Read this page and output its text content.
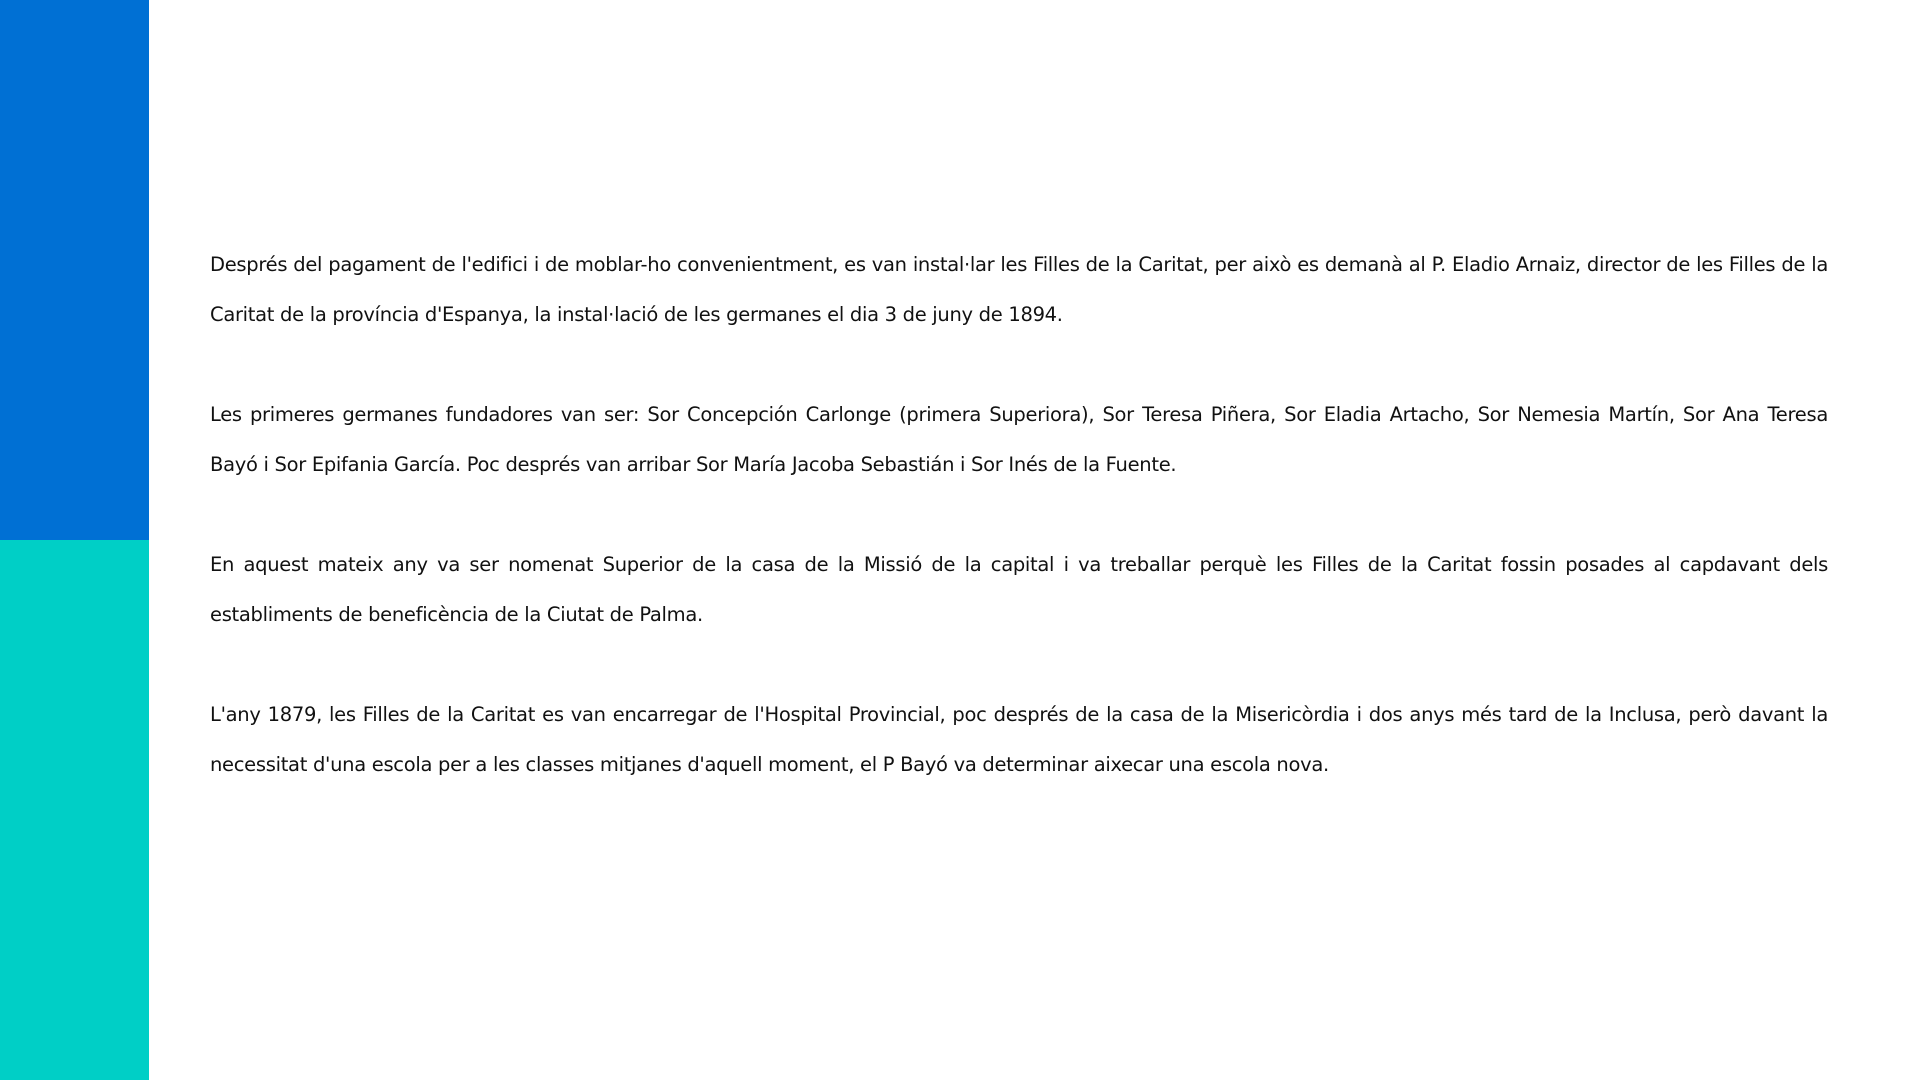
Després del pagament de l'edifici i de moblar-ho convenientment, es van instal·lar les Filles de la Caritat, per això es demanà al P. Eladio Arnaiz, director de les Filles de la Caritat de la província d'Espanya, la instal·lació de les germanes el dia 3 de juny de 1894.

Les primeres germanes fundadores van ser: Sor Concepción Carlonge (primera Superiora), Sor Teresa Piñera, Sor Eladia Artacho, Sor Nemesia Martín, Sor Ana Teresa Bayó i Sor Epifania García. Poc després van arribar Sor María Jacoba Sebastián i Sor Inés de la Fuente.

En aquest mateix any va ser nomenat Superior de la casa de la Missió de la capital i va treballar perquè les Filles de la Caritat fossin posades al capdavant dels establiments de beneficència de la Ciutat de Palma.

L'any 1879, les Filles de la Caritat es van encarregar de l'Hospital Provincial, poc després de la casa de la Misericòrdia i dos anys més tard de la Inclusa, però davant la necessitat d'una escola per a les classes mitjanes d'aquell moment, el P Bayó va determinar aixecar una escola nova.
